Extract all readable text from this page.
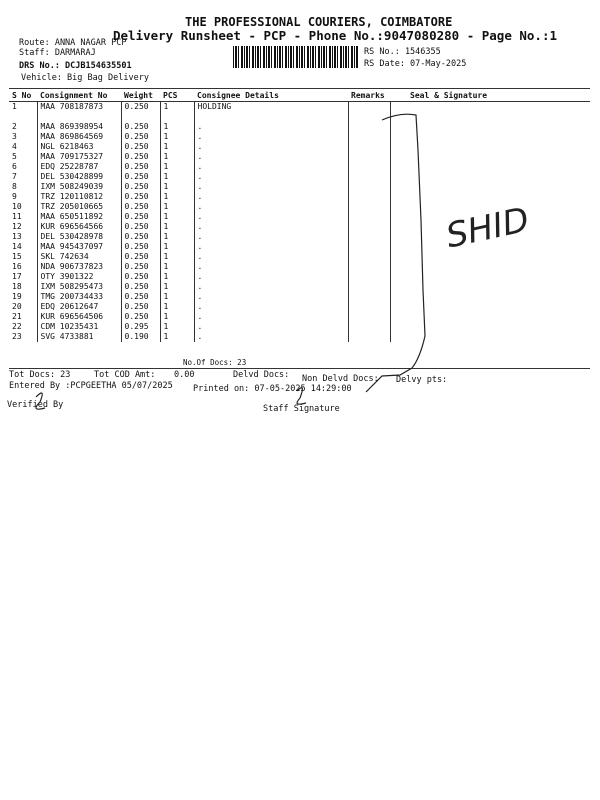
THE PROFESSIONAL COURIERS, COIMBATORE
Delivery Runsheet - PCP - Phone No.:9047080280 - Page No.:1
Route: ANNA NAGAR PCP
Staff: DARMARAJ
DRS No.: DCJB154635501
Vehicle: Big Bag Delivery
RS No.: 1546355
RS Date: 07-May-2025
S No	Consignment No	Weight	PCS	Consignee Details	Remarks	Seal & Signature
1	MAA 708187873	0.250	1	HOLDING		

2	MAA 869398954	0.250	1	.		
3	MAA 869864569	0.250	1	.		
4	NGL 6218463	0.250	1	.		
5	MAA 709175327	0.250	1	.		
6	EDQ 25228787	0.250	1	.		
7	DEL 530428899	0.250	1	.		
8	IXM 508249039	0.250	1	.		
9	TRZ 120110812	0.250	1	.		
10	TRZ 205010665	0.250	1	.		
11	MAA 650511892	0.250	1	.		
12	KUR 696564566	0.250	1	.		
13	DEL 530428978	0.250	1	.		
14	MAA 945437097	0.250	1	.		
15	SKL 742634	0.250	1	.		
16	NDA 906737823	0.250	1	.		
17	OTY 3901322	0.250	1	.		
18	IXM 508295473	0.250	1	.		
19	TMG 200734433	0.250	1	.		
20	EDQ 20612647	0.250	1	.		
21	KUR 696564506	0.250	1	.		
22	CDM 10235431	0.295	1	.		
23	SVG 4733881	0.190	1	.		
No.Of Docs: 23
Tot Docs: 23	Tot COD Amt: 0.00	Delvd Docs: Non Delvd Docs: Delvy pts:
Entered By :PCPGEETHA 05/07/2025 Printed on: 07-05-2025 14:29:00
Verified By	Staff Signature
SHID
